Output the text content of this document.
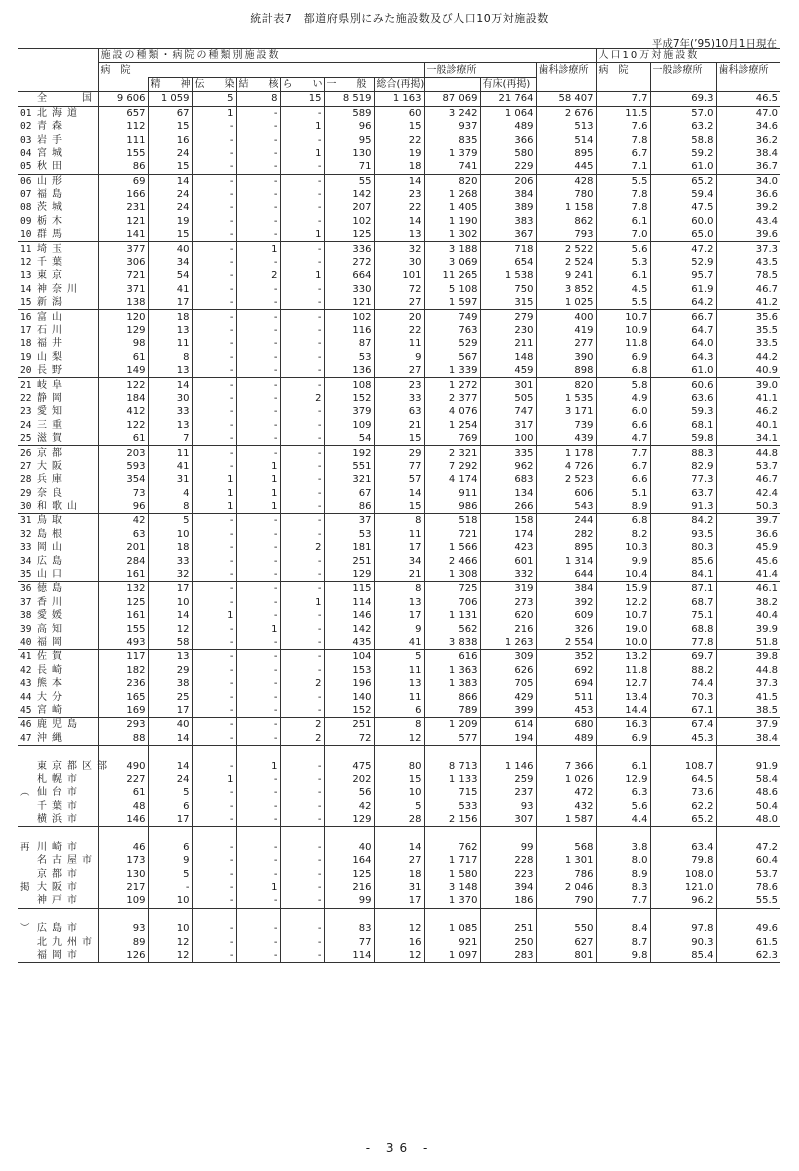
統計表7　都道府県別にみた施設数及び人口10万対施設数
平成7年(’95)10月1日現在
	施設の種類・病院の種類別施設数										人口10万対施設数		
	病　院							一般診療所		歯科診療所	病　院	一般診療所	歯科診療所
		精　　神	伝　　染	結　　核	ら　　い	一　　般	総合(再掲)		有床(再掲)				
全　　国	9 606	1 059	5	8	15	8 519	1 163	87 069	21 764	58 407	7.7	69.3	46.5
01 北海道	657	67	1	-	-	589	60	3 242	1 064	2 676	11.5	57.0	47.0
02 青森	112	15	-	-	1	96	15	937	489	513	7.6	63.2	34.6
03 岩手	111	16	-	-	-	95	22	835	366	514	7.8	58.8	36.2
04 宮城	155	24	-	-	1	130	19	1 379	580	895	6.7	59.2	38.4
05 秋田	86	15	-	-	-	71	18	741	229	445	7.1	61.0	36.7
06 山形	69	14	-	-	-	55	14	820	206	428	5.5	65.2	34.0
07 福島	166	24	-	-	-	142	23	1 268	384	780	7.8	59.4	36.6
08 茨城	231	24	-	-	-	207	22	1 405	389	1 158	7.8	47.5	39.2
09 栃木	121	19	-	-	-	102	14	1 190	383	862	6.1	60.0	43.4
10 群馬	141	15	-	-	1	125	13	1 302	367	793	7.0	65.0	39.6
11 埼玉	377	40	-	1	-	336	32	3 188	718	2 522	5.6	47.2	37.3
12 千葉	306	34	-	-	-	272	30	3 069	654	2 524	5.3	52.9	43.5
13 東京	721	54	-	2	1	664	101	11 265	1 538	9 241	6.1	95.7	78.5
14 神奈川	371	41	-	-	-	330	72	5 108	750	3 852	4.5	61.9	46.7
15 新潟	138	17	-	-	-	121	27	1 597	315	1 025	5.5	64.2	41.2
16 富山	120	18	-	-	-	102	20	749	279	400	10.7	66.7	35.6
17 石川	129	13	-	-	-	116	22	763	230	419	10.9	64.7	35.5
18 福井	98	11	-	-	-	87	11	529	211	277	11.8	64.0	33.5
19 山梨	61	8	-	-	-	53	9	567	148	390	6.9	64.3	44.2
20 長野	149	13	-	-	-	136	27	1 339	459	898	6.8	61.0	40.9
21 岐阜	122	14	-	-	-	108	23	1 272	301	820	5.8	60.6	39.0
22 静岡	184	30	-	-	2	152	33	2 377	505	1 535	4.9	63.6	41.1
23 愛知	412	33	-	-	-	379	63	4 076	747	3 171	6.0	59.3	46.2
24 三重	122	13	-	-	-	109	21	1 254	317	739	6.6	68.1	40.1
25 滋賀	61	7	-	-	-	54	15	769	100	439	4.7	59.8	34.1
26 京都	203	11	-	-	-	192	29	2 321	335	1 178	7.7	88.3	44.8
27 大阪	593	41	-	1	-	551	77	7 292	962	4 726	6.7	82.9	53.7
28 兵庫	354	31	1	1	-	321	57	4 174	683	2 523	6.6	77.3	46.7
29 奈良	73	4	1	1	-	67	14	911	134	606	5.1	63.7	42.4
30 和歌山	96	8	1	1	-	86	15	986	266	543	8.9	91.3	50.3
31 鳥取	42	5	-	-	-	37	8	518	158	244	6.8	84.2	39.7
32 島根	63	10	-	-	-	53	11	721	174	282	8.2	93.5	36.6
33 岡山	201	18	-	-	2	181	17	1 566	423	895	10.3	80.3	45.9
34 広島	284	33	-	-	-	251	34	2 466	601	1 314	9.9	85.6	45.6
35 山口	161	32	-	-	-	129	21	1 308	332	644	10.4	84.1	41.4
36 徳島	132	17	-	-	-	115	8	725	319	384	15.9	87.1	46.1
37 香川	125	10	-	-	1	114	13	706	273	392	12.2	68.7	38.2
38 愛媛	161	14	1	-	-	146	17	1 131	620	609	10.7	75.1	40.4
39 高知	155	12	-	1	-	142	9	562	216	326	19.0	68.8	39.9
40 福岡	493	58	-	-	-	435	41	3 838	1 263	2 554	10.0	77.8	51.8
41 佐賀	117	13	-	-	-	104	5	616	309	352	13.2	69.7	39.8
42 長崎	182	29	-	-	-	153	11	1 363	626	692	11.8	88.2	44.8
43 熊本	236	38	-	-	2	196	13	1 383	705	694	12.7	74.4	37.3
44 大分	165	25	-	-	-	140	11	866	429	511	13.4	70.3	41.5
45 宮崎	169	17	-	-	-	152	6	789	399	453	14.4	67.1	38.5
46 鹿児島	293	40	-	-	2	251	8	1 209	614	680	16.3	67.4	37.9
47 沖縄	88	14	-	-	2	72	12	577	194	489	6.9	45.3	38.4

東京都区部	490	14	-	1	-	475	80	8 713	1 146	7 366	6.1	108.7	91.9
札幌市	227	24	1	-	-	202	15	1 133	259	1 026	12.9	64.5	58.4
︵ 仙台市	61	5	-	-	-	56	10	715	237	472	6.3	73.6	48.6
千葉市	48	6	-	-	-	42	5	533	93	432	5.6	62.2	50.4
横浜市	146	17	-	-	-	129	28	2 156	307	1 587	4.4	65.2	48.0

再 川崎市	46	6	-	-	-	40	14	762	99	568	3.8	63.4	47.2
名古屋市	173	9	-	-	-	164	27	1 717	228	1 301	8.0	79.8	60.4
京都市	130	5	-	-	-	125	18	1 580	223	786	8.9	108.0	53.7
掲 大阪市	217	-	-	1	-	216	31	3 148	394	2 046	8.3	121.0	78.6
神戸市	109	10	-	-	-	99	17	1 370	186	790	7.7	96.2	55.5

︶ 広島市	93	10	-	-	-	83	12	1 085	251	550	8.4	97.8	49.6
北九州市	89	12	-	-	-	77	16	921	250	627	8.7	90.3	61.5
福岡市	126	12	-	-	-	114	12	1 097	283	801	9.8	85.4	62.3
- 36 -
